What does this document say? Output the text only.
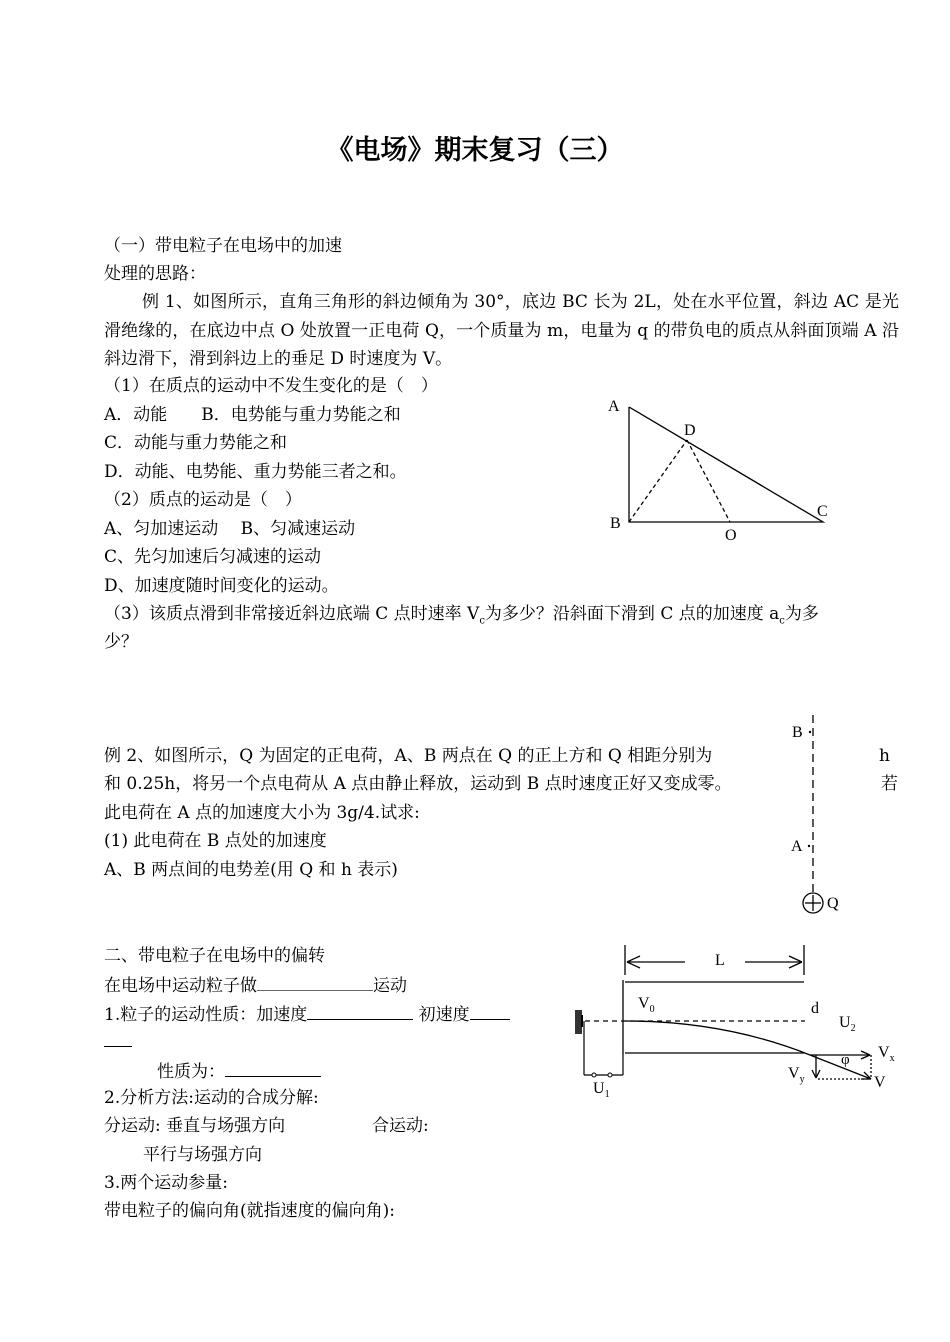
《电场》期末复习（三）
（一）带电粒子在电场中的加速
处理的思路：
例 1、如图所示，直角三角形的斜边倾角为 30°，底边 BC 长为 2L，处在水平位置，斜边 AC 是光滑绝缘的，在底边中点 O 处放置一正电荷 Q，一个质量为 m，电量为 q 的带负电的质点从斜面顶端 A 沿斜边滑下，滑到斜边上的垂足 D 时速度为 V。
（1）在质点的运动中不发生变化的是（　）
A．动能　　B．电势能与重力势能之和
C．动能与重力势能之和
D．动能、电势能、重力势能三者之和。
（2）质点的运动是（　）
A、匀加速运动　 B、匀减速运动
C、先匀加速后匀减速的运动
D、加速度随时间变化的运动。
（3）该质点滑到非常接近斜边底端 C 点时速率 $V_c$为多少？沿斜面下滑到 C 点的加速度 $a_c$为多
少？
A
D
B
C
O
例 2、如图所示，Q 为固定的正电荷，A、B 两点在 Q 的正上方和 Q 相距分别为	h
和 0.25h，将另一个点电荷从 A 点由静止释放，运动到 B 点时速度正好又变成零。	若
此电荷在 A 点的加速度大小为 3g/4.试求:
(1) 此电荷在 B 点处的加速度
A、B 两点间的电势差(用 Q 和 h 表示)
B
A
Q
二、带电粒子在电场中的偏转
在电场中运动粒子做	运动
1.粒子的运动性质：加速度	初速度
性质为：
2.分析方法:运动的合成分解:
分运动: 垂直与场强方向	合运动:
平行与场强方向
3.两个运动参量:
带电粒子的偏向角(就指速度的偏向角):
L
$U_1$
$V_0$	d
$U_2$
φ $V_x$
$V_y$	V
